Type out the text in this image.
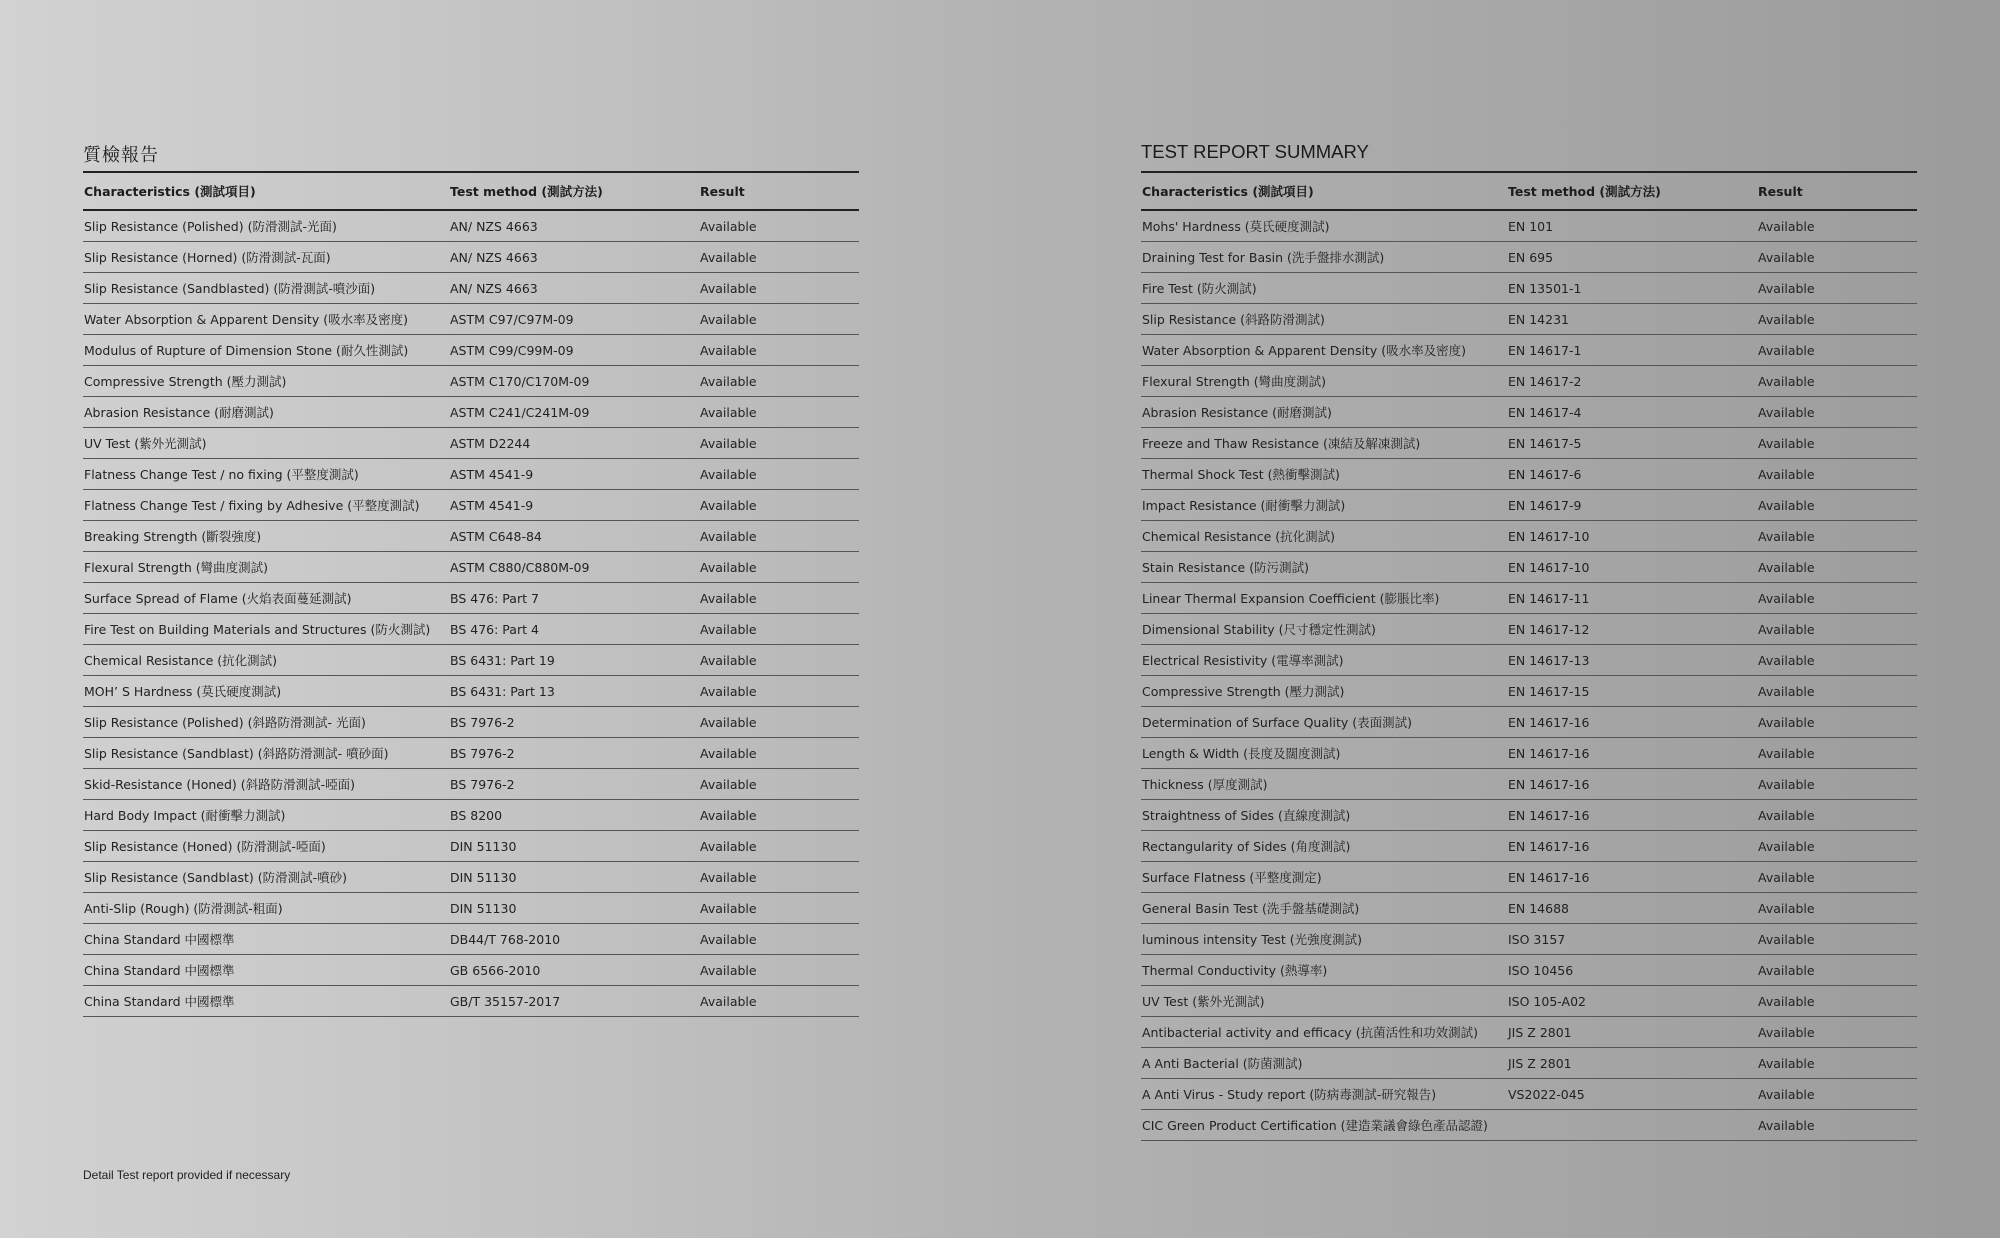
質檢報告
Characteristics (測試項目)	Test method (測試方法)	Result
Slip Resistance (Polished) (防滑測試-光面)	AN/ NZS 4663	Available
Slip Resistance (Horned) (防滑測試-瓦面)	AN/ NZS 4663	Available
Slip Resistance (Sandblasted) (防滑測試-噴沙面)	AN/ NZS 4663	Available
Water Absorption & Apparent Density (吸水率及密度)	ASTM C97/C97M-09	Available
Modulus of Rupture of Dimension Stone (耐久性測試)	ASTM C99/C99M-09	Available
Compressive Strength (壓力測試)	ASTM C170/C170M-09	Available
Abrasion Resistance (耐磨測試)	ASTM C241/C241M-09	Available
UV Test (紫外光測試)	ASTM D2244	Available
Flatness Change Test / no fixing (平整度測試)	ASTM 4541-9	Available
Flatness Change Test / fixing by Adhesive (平整度測試)	ASTM 4541-9	Available
Breaking Strength (斷裂強度)	ASTM C648-84	Available
Flexural Strength (彎曲度測試)	ASTM C880/C880M-09	Available
Surface Spread of Flame (火焰表面蔓延測試)	BS 476: Part 7	Available
Fire Test on Building Materials and Structures (防火測試)	BS 476: Part 4	Available
Chemical Resistance (抗化測試)	BS 6431: Part 19	Available
MOH’ S Hardness (莫氏硬度測試)	BS 6431: Part 13	Available
Slip Resistance (Polished) (斜路防滑測試- 光面)	BS 7976-2	Available
Slip Resistance (Sandblast) (斜路防滑測試- 噴砂面)	BS 7976-2	Available
Skid-Resistance (Honed) (斜路防滑測試-啞面)	BS 7976-2	Available
Hard Body Impact (耐衝擊力測試)	BS 8200	Available
Slip Resistance (Honed) (防滑測試-啞面)	DIN 51130	Available
Slip Resistance (Sandblast) (防滑測試-噴砂)	DIN 51130	Available
Anti-Slip (Rough) (防滑測試-粗面)	DIN 51130	Available
China Standard 中國標準	DB44/T 768-2010	Available
China Standard 中國標準	GB 6566-2010	Available
China Standard 中國標準	GB/T 35157-2017	Available
TEST REPORT SUMMARY
Characteristics (測試項目)	Test method (測試方法)	Result
Mohs' Hardness (莫氏硬度測試)	EN 101	Available
Draining Test for Basin (洗手盤排水測試)	EN 695	Available
Fire Test (防火測試)	EN 13501-1	Available
Slip Resistance (斜路防滑測試)	EN 14231	Available
Water Absorption & Apparent Density (吸水率及密度)	EN 14617-1	Available
Flexural Strength (彎曲度測試)	EN 14617-2	Available
Abrasion Resistance (耐磨測試)	EN 14617-4	Available
Freeze and Thaw Resistance (凍結及解凍測試)	EN 14617-5	Available
Thermal Shock Test (熱衝擊測試)	EN 14617-6	Available
Impact Resistance (耐衝擊力測試)	EN 14617-9	Available
Chemical Resistance (抗化測試)	EN 14617-10	Available
Stain Resistance (防污測試)	EN 14617-10	Available
Linear Thermal Expansion Coefficient (膨脹比率)	EN 14617-11	Available
Dimensional Stability (尺寸穩定性測試)	EN 14617-12	Available
Electrical Resistivity (電導率測試)	EN 14617-13	Available
Compressive Strength (壓力測試)	EN 14617-15	Available
Determination of Surface Quality (表面測試)	EN 14617-16	Available
Length & Width (長度及闊度測試)	EN 14617-16	Available
Thickness (厚度測試)	EN 14617-16	Available
Straightness of Sides (直線度測試)	EN 14617-16	Available
Rectangularity of Sides (角度測試)	EN 14617-16	Available
Surface Flatness (平整度測定)	EN 14617-16	Available
General Basin Test (洗手盤基礎測試)	EN 14688	Available
luminous intensity Test (光強度測試)	ISO 3157	Available
Thermal Conductivity (熱導率)	ISO 10456	Available
UV Test (紫外光測試)	ISO 105-A02	Available
Antibacterial activity and efficacy (抗菌活性和功效測試)	JIS Z 2801	Available
A Anti Bacterial (防菌測試)	JIS Z 2801	Available
A Anti Virus - Study report (防病毒測試-研究報告)	VS2022-045	Available
CIC Green Product Certification (建造業議會綠色產品認證)		Available
Detail Test report provided if necessary
